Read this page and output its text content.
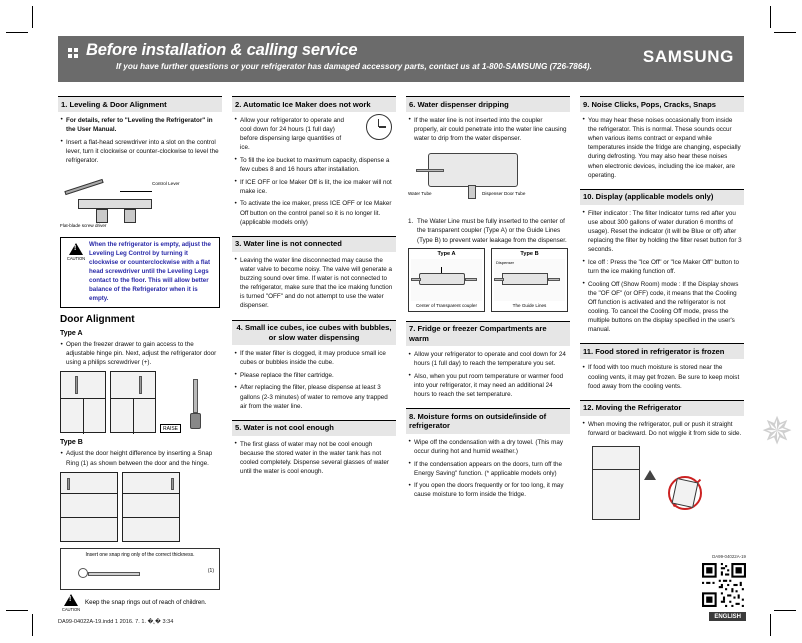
Before installation & calling service
If you have further questions or your refrigerator has damaged accessory parts, contact us at 1-800-SAMSUNG (726-7864).
SAMSUNG
1. Leveling & Door Alignment

• For details, refer to "Leveling the Refrigerator" in the User Manual.

• Insert a flat-head screwdriver into a slot on the control lever, turn it clockwise or counter-clockwise to level the refrigerator.

Control Lever
Flat-blade screw driver
!
CAUTION
When the refrigerator is empty, adjust the Leveling Leg Control by turning it clockwise or counterclockwise with a flat head screwdriver until the Leveling Legs contact to the floor. This will allow better balance of the Refrigerator when it is empty.
Door Alignment
Type A

• Open the freezer drawer to gain access to the adjustable hinge pin. Next, adjust the refrigerator door using a philips screwdriver (+).

RAISE
Type B

• Adjust the door height difference by inserting a Snap Ring (1) as shown between the door and the hinge.

Insert one snap ring only of the correct thickness.
(1)
!
CAUTION
Keep the snap rings out of reach of children.
2. Automatic Ice Maker does not work

• Allow your refrigerator to operate and cool down for 24 hours (1 full day) before dispensing large quantities of ice.

• To fill the ice bucket to maximum capacity, dispense a few cubes 8 and 16 hours after installation.

• If ICE OFF or Ice Maker Off is lit, the ice maker will not make ice.

• To activate the ice maker, press ICE OFF or Ice Maker Off button on the control panel so it is no longer lit. (applicable models only)

3. Water line is not connected

• Leaving the water line disconnected may cause the water valve to become noisy. The valve will generate a buzzing sound over time. If water is not connected to the refrigerator, make sure that the ice making function is turned "OFF" and do not attempt to use the water dispenser.

4. Small ice cubes, ice cubes with bubbles, or slow water dispensing

• If the water filter is clogged, it may produce small ice cubes or bubbles inside the cube.

• Please replace the filter cartridge.

• After replacing the filter, please dispense at least 3 gallons (2-3 minutes) of water to remove any trapped air from the water line.

5. Water is not cool enough

• The first glass of water may not be cool enough because the stored water in the water tank has not cooled completely. Dispense several glasses of water until the water is cool enough.

6. Water dispenser dripping

• If the water line is not inserted into the coupler properly, air could penetrate into the water line causing water to drip from the water dispenser.

Water Tube	Dispenser Door Tube

1. The Water Line must be fully inserted to the center of the transparent coupler (Type A) or the Guide Lines (Type B) to prevent water leakage from the dispenser.

Type A
Center of Transparent coupler
Type B
Dispenser
The Guide Lines
7. Fridge or freezer Compartments are warm

• Allow your refrigerator to operate and cool down for 24 hours (1 full day) to reach the temperature you set.

• Also, when you put room temperature or warmer food into your refrigerator, it may need an additional 24 hours to reach the set temperature.

8. Moisture forms on outside/inside of refrigerator

• Wipe off the condensation with a dry towel. (This may occur during hot and humid weather.)

• If the condensation appears on the doors, turn off the Energy Saving" function. (* applicable models only)

• If you open the doors frequently or for too long, it may cause moisture to form inside the fridge.

9. Noise Clicks, Pops, Cracks, Snaps

• You may hear these noises occasionally from inside the refrigerator. This is normal. These sounds occur when various items contract or expand while temperatures inside the fridge are changing, especially during defrosting. You may also hear these noises when electronic devices, including the ice maker, are operating.

10. Display (applicable models only)

• Filter indicator : The filter Indicator turns red after you use about 300 gallons of water duration 6 months of usage). Reset the indicator (it will be Blue or off) after replacing the filter by holding the filter reset button for 3 seconds.

• Ice off : Press the "Ice Off" or "Ice Maker Off" button to turn the ice making function off.

• Cooling Off (Show Room) mode : If the Display shows the "OF OF" (or OFF) code, it means that the Cooling Off function is activated and the refrigerator is not cooling. To cancel the Cooling Off mode, press the multiple buttons on the display specified in the user's manual.

11. Food stored in refrigerator is frozen

• If food with too much moisture is stored near the cooling vents, it may get frozen. Be sure to keep moist food away from the cooling vents.

12. Moving the Refrigerator

• When moving the refrigerator, pull or push it straight forward or backward. Do not wiggle it from side to side. ✵
DA99-04022A-19
ENGLISH
DA99-04022A-19.indd 1 2016. 7. 1. �˿� 3:34
